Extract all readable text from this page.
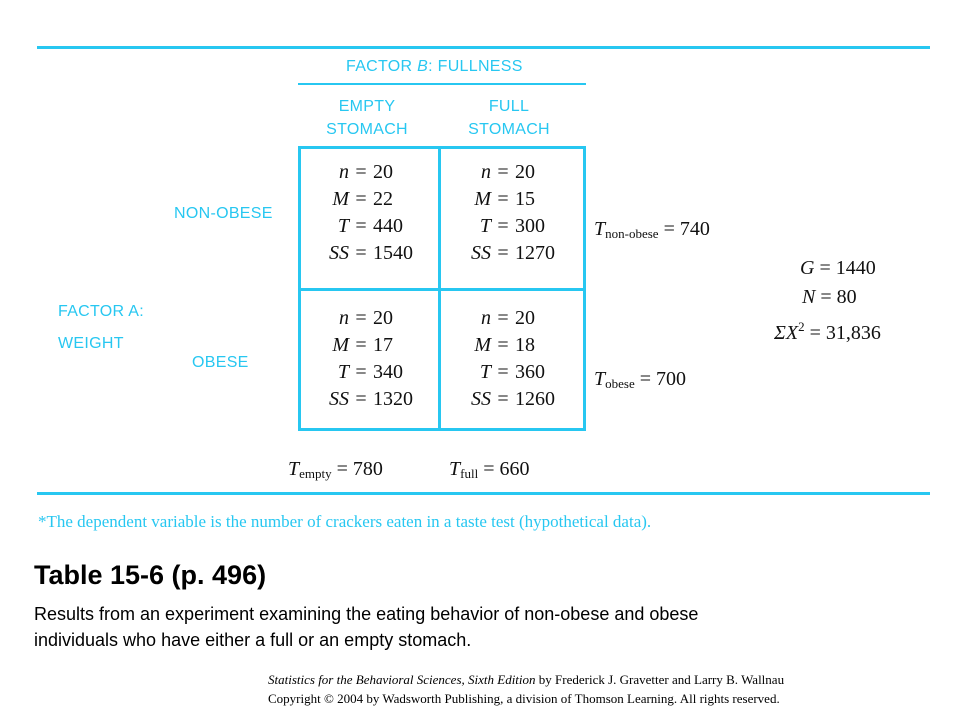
FACTOR B: FULLNESS
EMPTY
STOMACH
FULL
STOMACH
NON-OBESE
FACTOR A:
WEIGHT
OBESE
n = 20
M = 22
T = 440
SS = 1540
n = 20
M = 15
T = 300
SS = 1270
n = 20
M = 17
T = 340
SS = 1320
n = 20
M = 18
T = 360
SS = 1260
$T_{non-obese} = 740$
$T_{obese} = 700$
$T_{empty} = 780$	$T_{full} = 660$
G = 1440
N = 80
$\Sigma X^2 = 31,836$
*The dependent variable is the number of crackers eaten in a taste test (hypothetical data).
Table 15-6 (p. 496)
Results from an experiment examining the eating behavior of non-obese and obese
individuals who have either a full or an empty stomach.
Statistics for the Behavioral Sciences, Sixth Edition by Frederick J. Gravetter and Larry B. Wallnau
Copyright © 2004 by Wadsworth Publishing, a division of Thomson Learning. All rights reserved.
